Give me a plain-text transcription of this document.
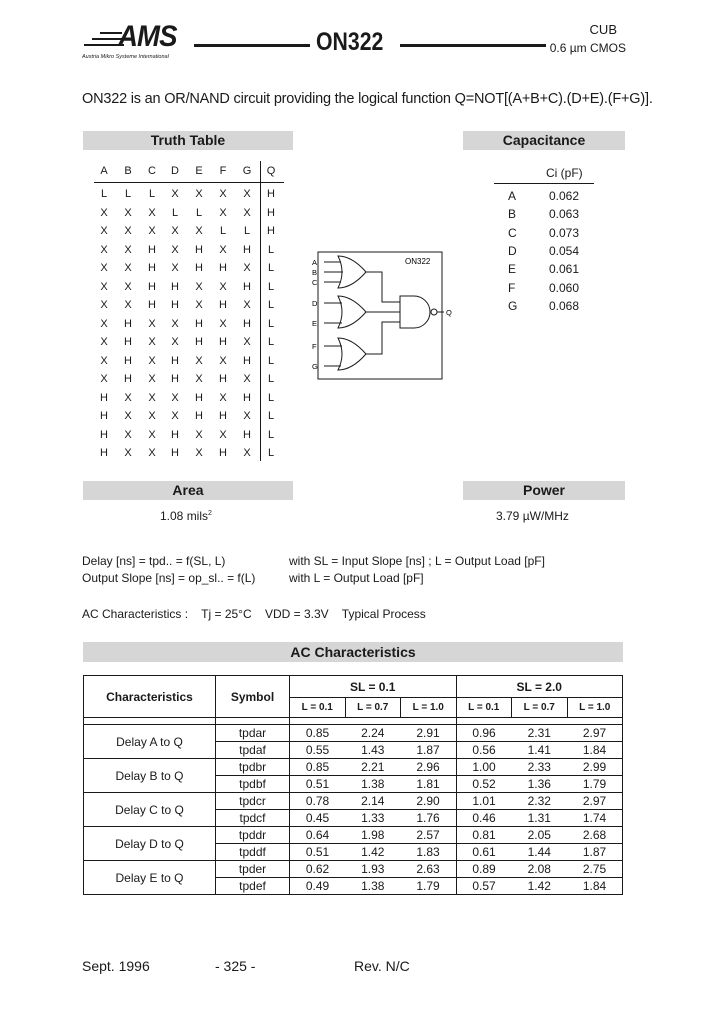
AMS
Austria Mikro Systeme International
ON322	CUB
0.6 µm CMOS
ON322 is an OR/NAND circuit providing the logical function Q=NOT[(A+B+C).(D+E).(F+G)].
Truth Table	Capacitance
A	B	C D	E	F	G Q
L	L	L	X	X	X	X	H
X	X	X	L	L	X	X	H
X	X	X	X	X	L	L	H
X	X	H	X	H	X	H	L
X	X	H	X	H H	X	L
X	X	H H	X	X	H	L
X	X	H H	X	H	X	L
X	H	X	X	H	X	H	L
X	H	X	X	H H	X	L
X	H	X	H	X	X	H	L
X	H	X	H	X	H	X	L
H	X	X	X	H	X	H	L
H	X	X	X	H H	X	L
H	X	X	H	X	X	H	L
H	X	X	H	X	H	X	L
Ci (pF)
A	0.062
B	0.063
C	0.073
D	0.054
E	0.061
F	0.060
G	0.068
ON322
A
B
C
D
E
F
G
Q
Area	Power
1.08 mils$^2$	3.79 µW/MHz
Delay [ns] = tpd.. = f(SL, L)	with SL = Input Slope [ns] ; L = Output Load [pF]
Output Slope [ns] = op_sl.. = f(L)	with L = Output Load [pF]
AC Characteristics :    Tj = 25°C    VDD = 3.3V    Typical Process
AC Characteristics
Characteristics	Symbol	SL = 0.1			SL = 2.0		
		L = 0.1	L = 0.7	L = 1.0	L = 0.1	L = 0.7	L = 1.0

Delay A to Q	tpdar	0.85	2.24	2.91	0.96	2.31	2.97
	tpdaf	0.55	1.43	1.87	0.56	1.41	1.84
Delay B to Q	tpdbr	0.85	2.21	2.96	1.00	2.33	2.99
	tpdbf	0.51	1.38	1.81	0.52	1.36	1.79
Delay C to Q	tpdcr	0.78	2.14	2.90	1.01	2.32	2.97
	tpdcf	0.45	1.33	1.76	0.46	1.31	1.74
Delay D to Q	tpddr	0.64	1.98	2.57	0.81	2.05	2.68
	tpddf	0.51	1.42	1.83	0.61	1.44	1.87
Delay E to Q	tpder	0.62	1.93	2.63	0.89	2.08	2.75
	tpdef	0.49	1.38	1.79	0.57	1.42	1.84
Sept. 1996	- 325 -	Rev. N/C
